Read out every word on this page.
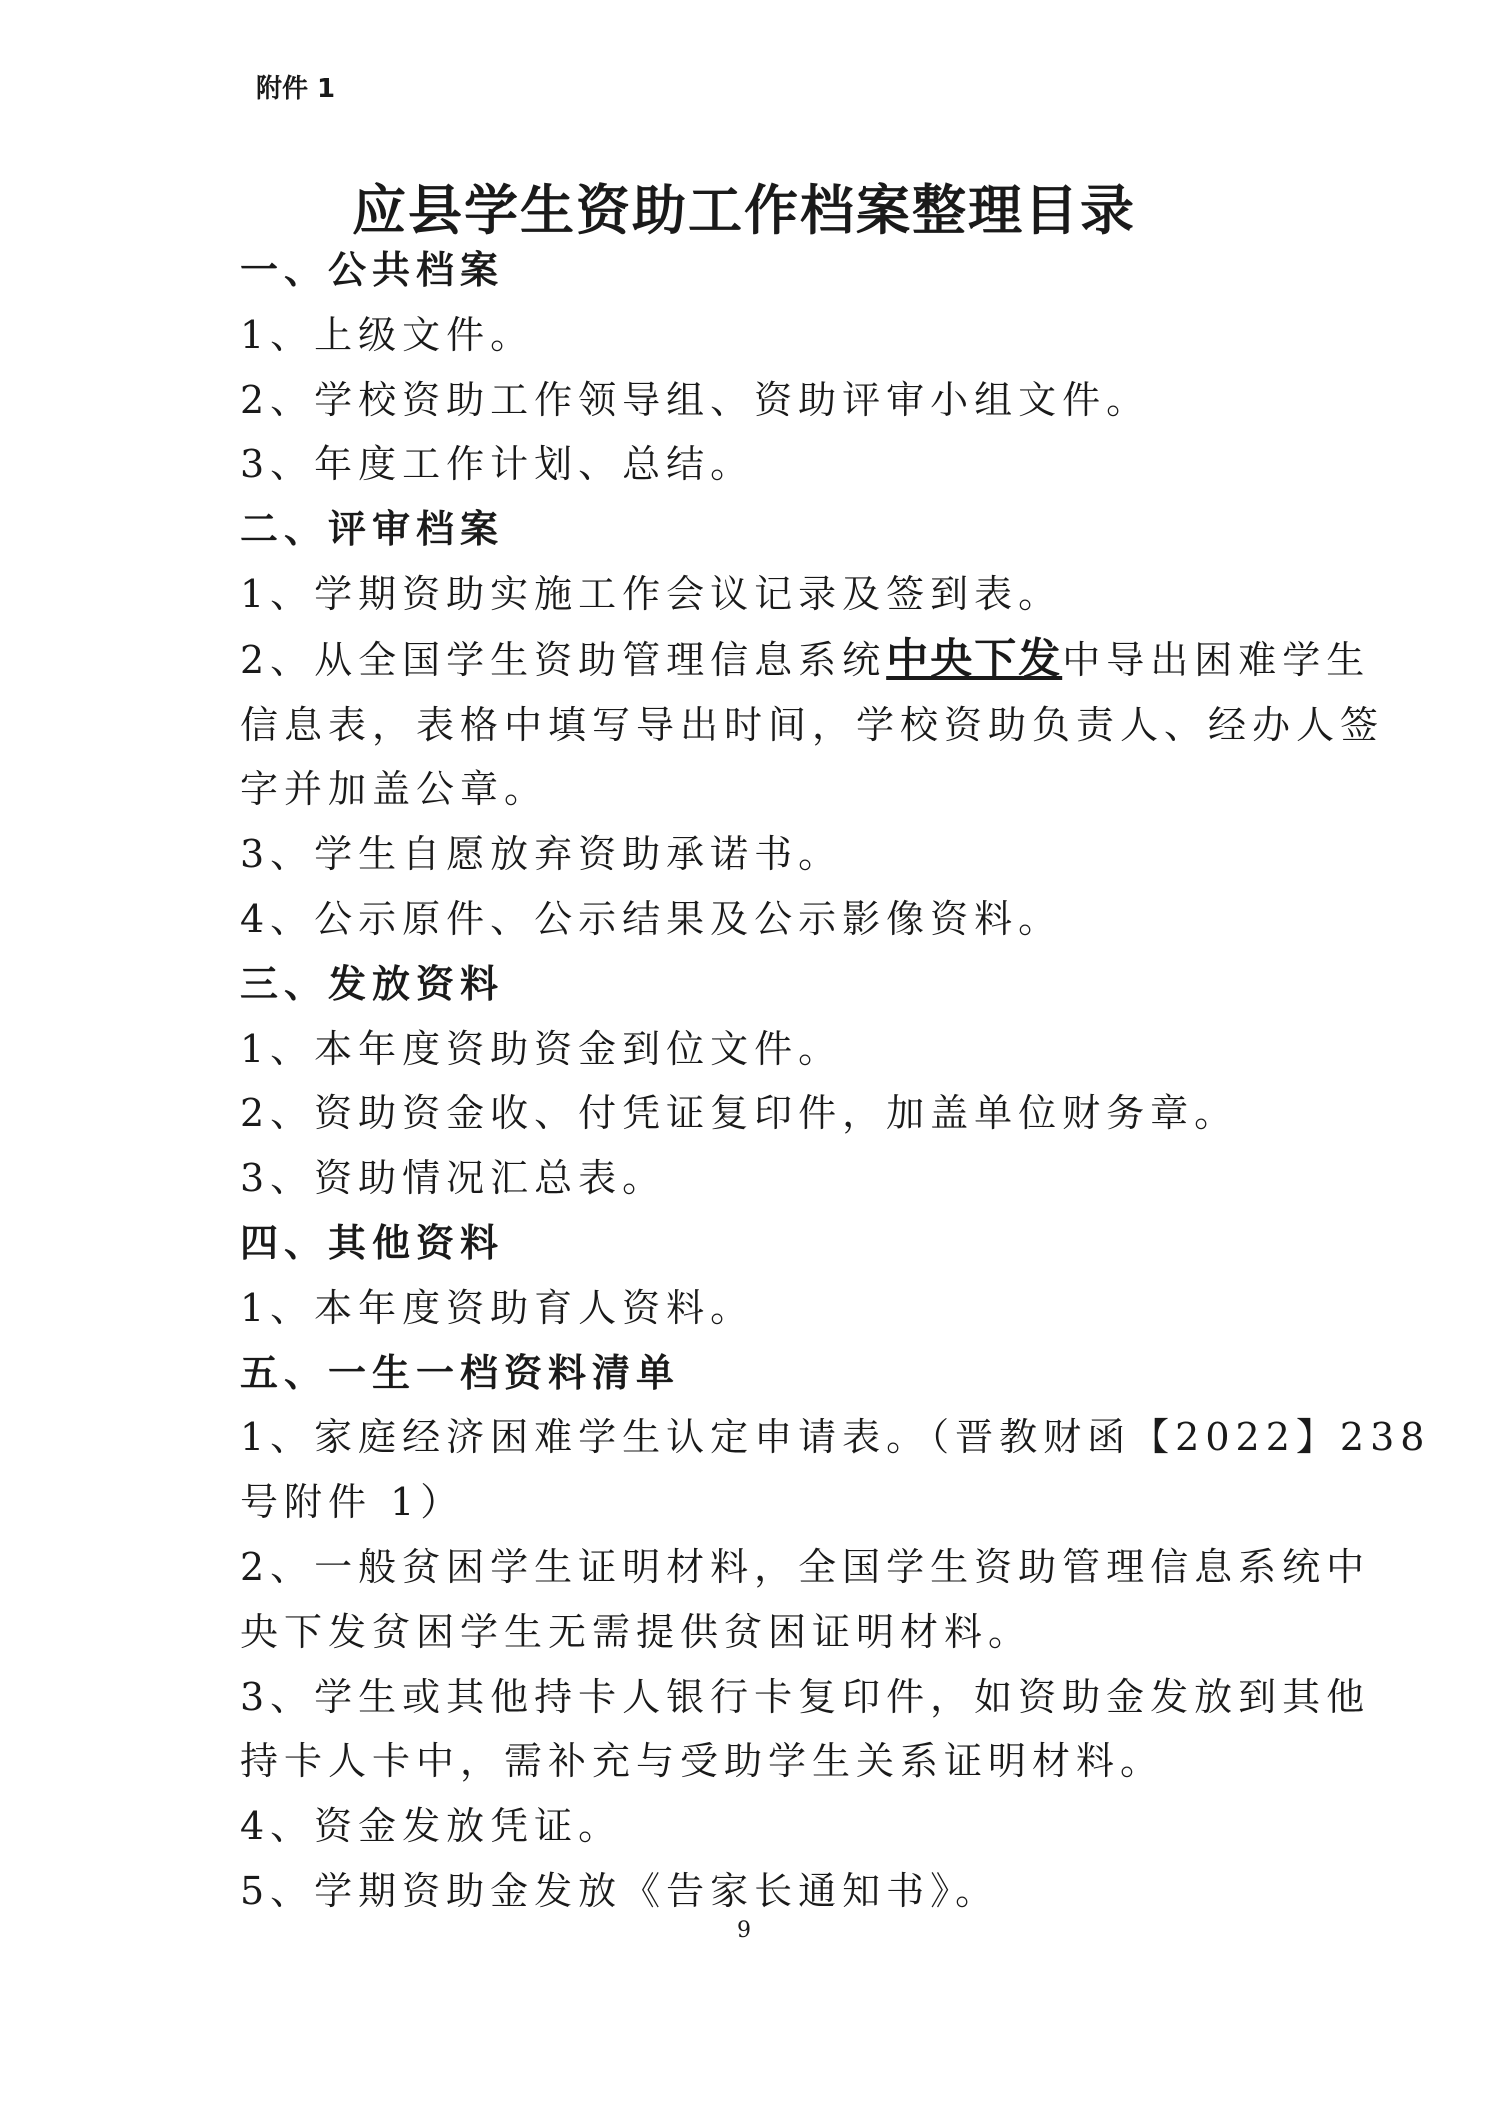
附件 1
应县学生资助工作档案整理目录

一、公共档案

1、上级文件。

2、学校资助工作领导组、资助评审小组文件。

3、年度工作计划、总结。

二、评审档案

1、学期资助实施工作会议记录及签到表。

2、从全国学生资助管理信息系统中央下发中导出困难学生

信息表，表格中填写导出时间，学校资助负责人、经办人签

字并加盖公章。

3、学生自愿放弃资助承诺书。

4、公示原件、公示结果及公示影像资料。

三、发放资料

1、本年度资助资金到位文件。

2、资助资金收、付凭证复印件，加盖单位财务章。

3、资助情况汇总表。

四、其他资料

1、本年度资助育人资料。

五、一生一档资料清单

1、家庭经济困难学生认定申请表。（晋教财函【2022】238

号附件 1）

2、一般贫困学生证明材料，全国学生资助管理信息系统中

央下发贫困学生无需提供贫困证明材料。

3、学生或其他持卡人银行卡复印件，如资助金发放到其他

持卡人卡中，需补充与受助学生关系证明材料。

4、资金发放凭证。

5、学期资助金发放《告家长通知书》。

9
